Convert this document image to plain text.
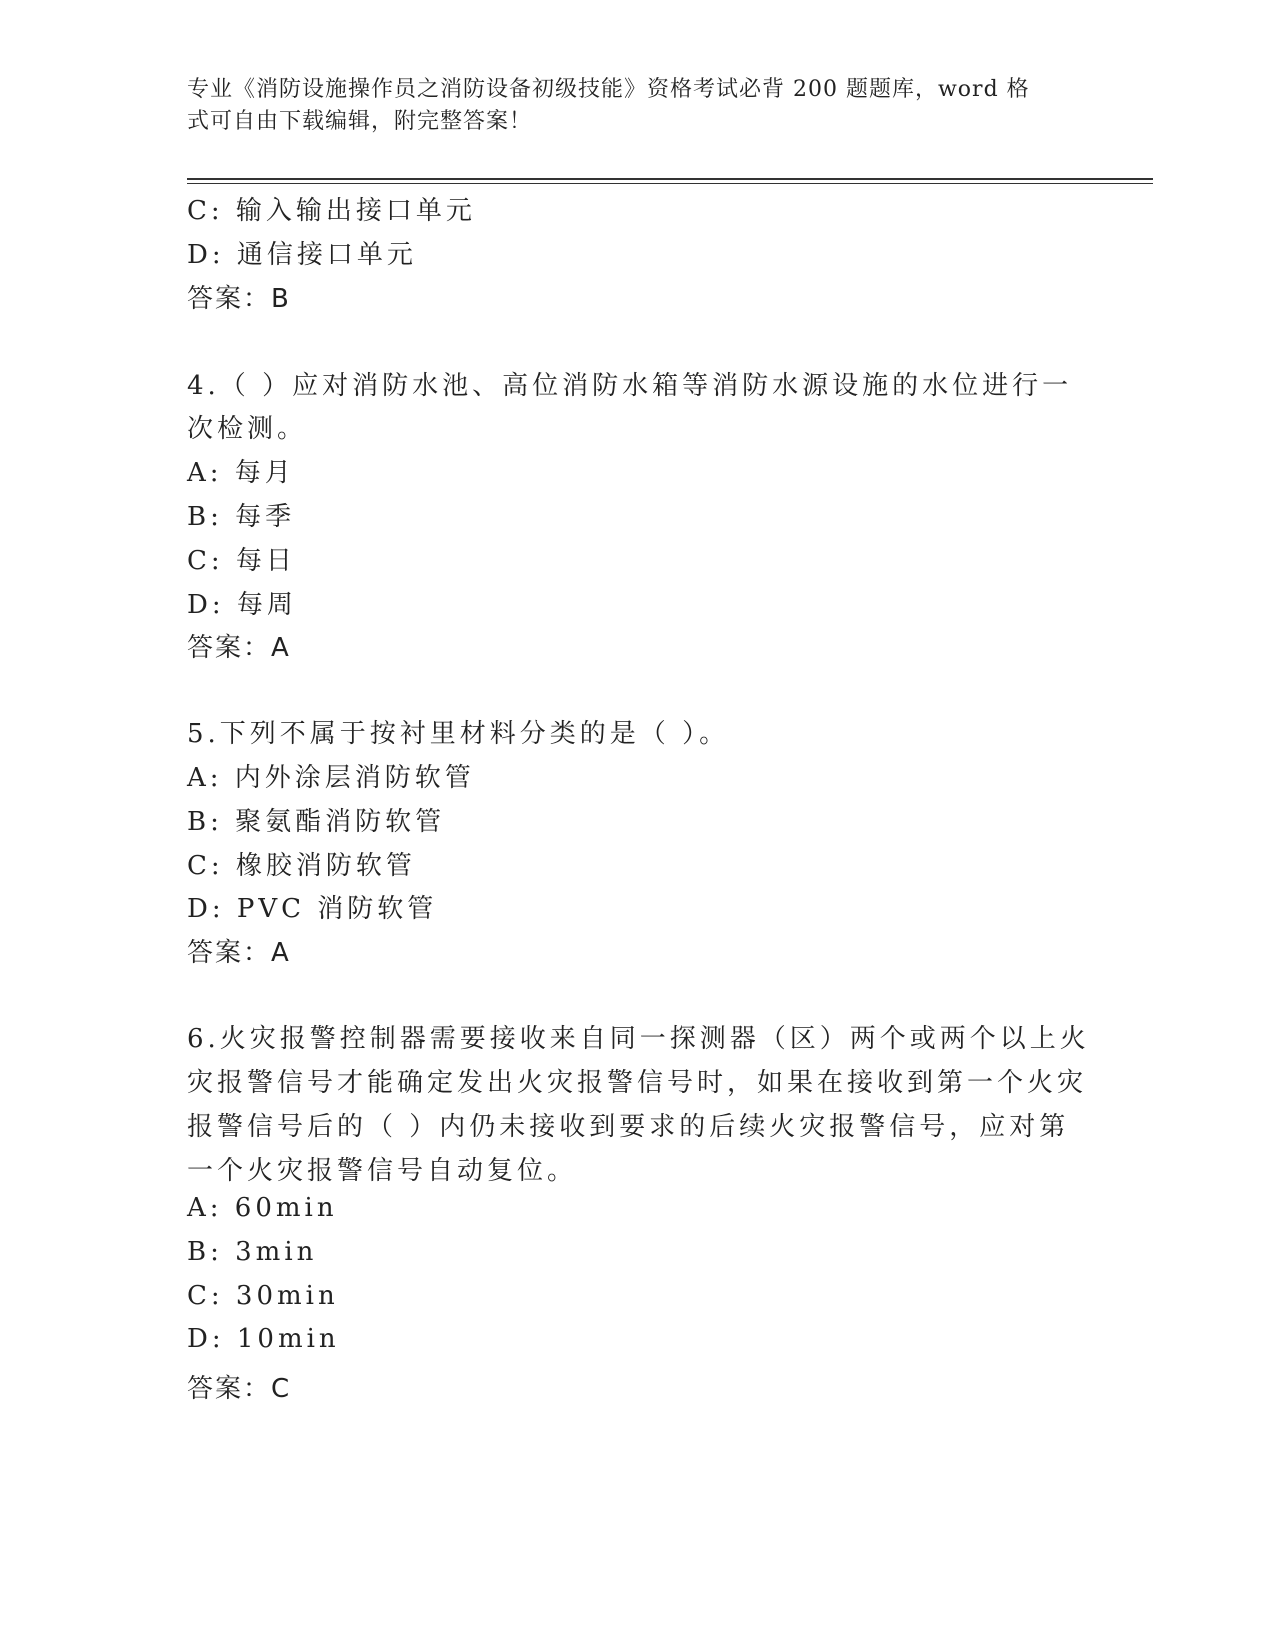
专业《消防设施操作员之消防设备初级技能》资格考试必背 200 题题库，word 格
式可自由下载编辑，附完整答案！
C: 输入输出接口单元
D: 通信接口单元
答案：B
4.（ ）应对消防水池、高位消防水箱等消防水源设施的水位进行一
次检测。
A: 每月
B: 每季
C: 每日
D: 每周
答案：A
5.下列不属于按衬里材料分类的是（ ）。
A: 内外涂层消防软管
B: 聚氨酯消防软管
C: 橡胶消防软管
D: PVC 消防软管
答案：A
6.火灾报警控制器需要接收来自同一探测器（区）两个或两个以上火
灾报警信号才能确定发出火灾报警信号时，如果在接收到第一个火灾
报警信号后的（ ）内仍未接收到要求的后续火灾报警信号，应对第
一个火灾报警信号自动复位。
A: 60min
B: 3min
C: 30min
D: 10min
答案：C
